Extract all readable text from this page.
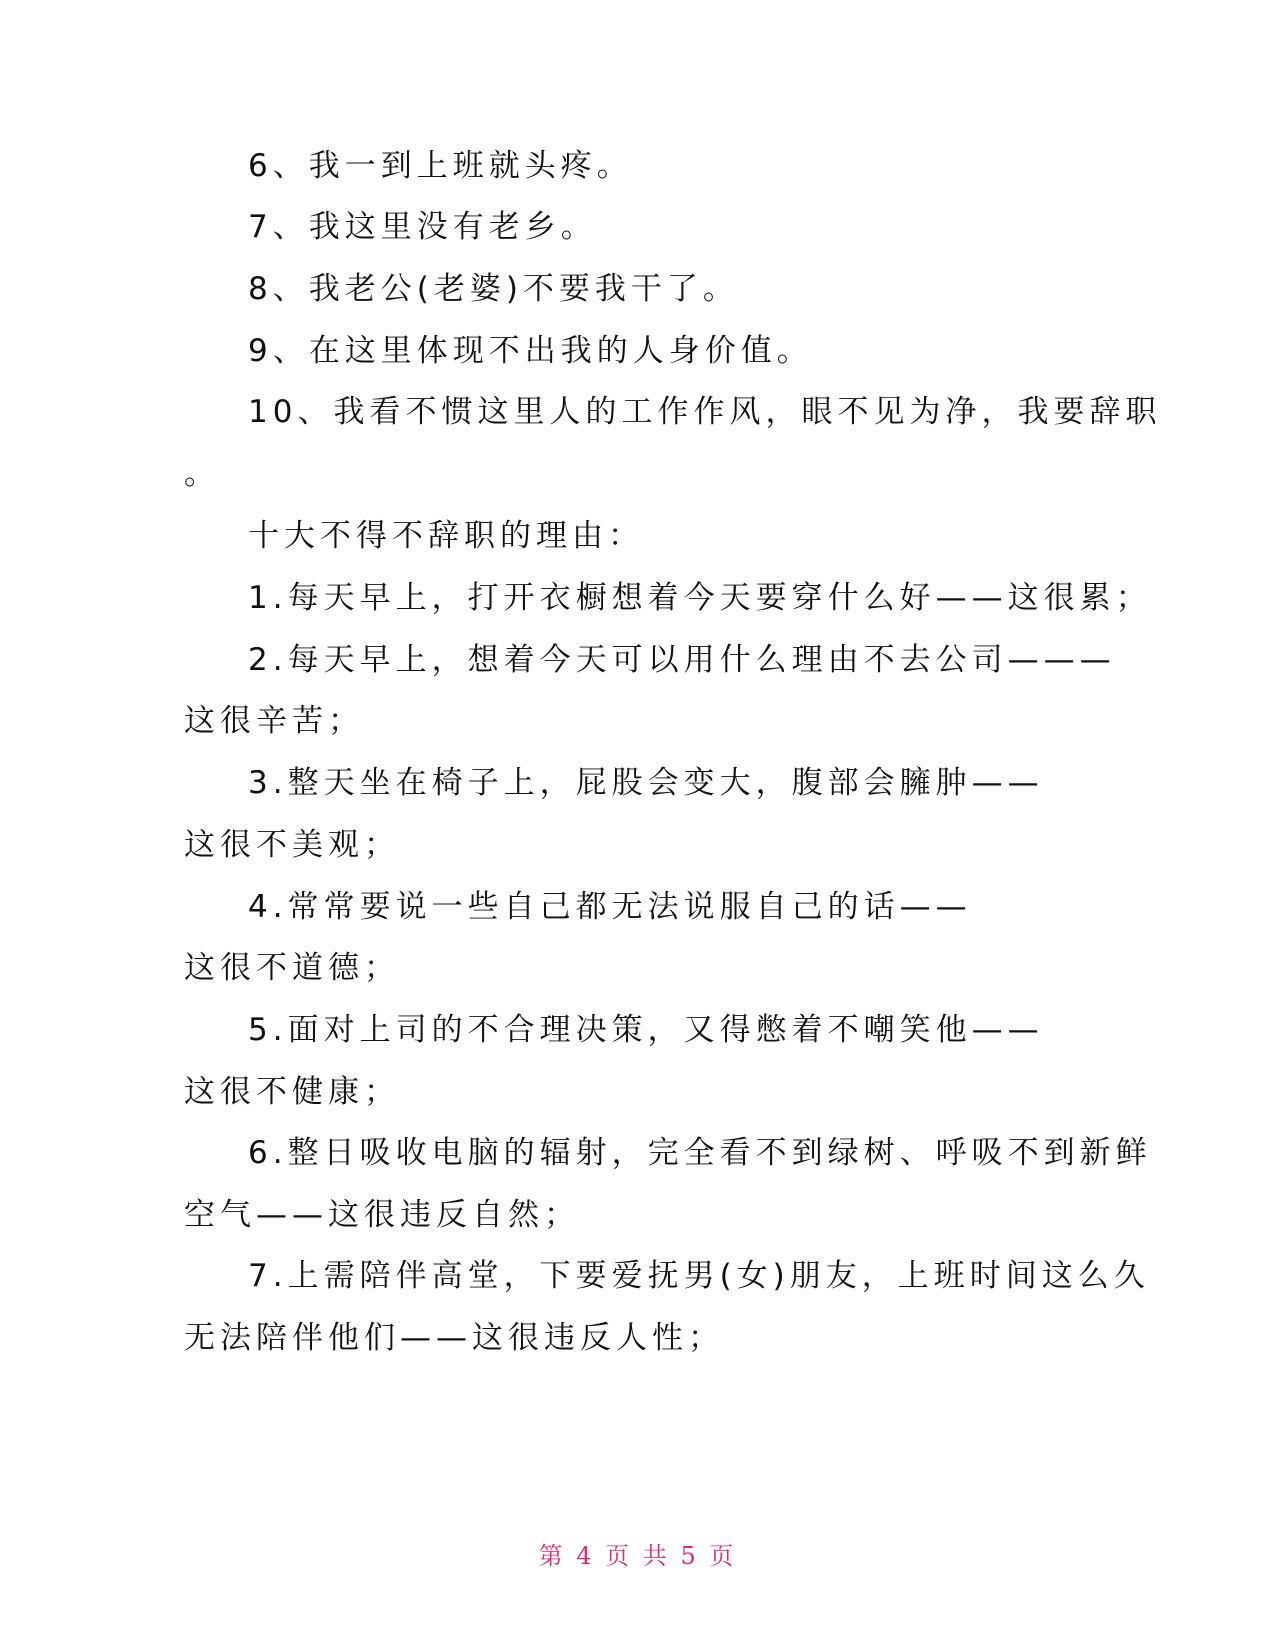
6、我一到上班就头疼。
7、我这里没有老乡。
8、我老公(老婆)不要我干了。
9、在这里体现不出我的人身价值。
10、我看不惯这里人的工作作风，眼不见为净，我要辞职
。
十大不得不辞职的理由：
1.每天早上，打开衣橱想着今天要穿什么好——这很累；
2.每天早上，想着今天可以用什么理由不去公司———
这很辛苦；
3.整天坐在椅子上，屁股会变大，腹部会臃肿——
这很不美观；
4.常常要说一些自己都无法说服自己的话——
这很不道德；
5.面对上司的不合理决策，又得憋着不嘲笑他——
这很不健康；
6.整日吸收电脑的辐射，完全看不到绿树、呼吸不到新鲜
空气——这很违反自然；
7.上需陪伴高堂，下要爱抚男(女)朋友，上班时间这么久
无法陪伴他们——这很违反人性；
第 4 页 共 5 页
